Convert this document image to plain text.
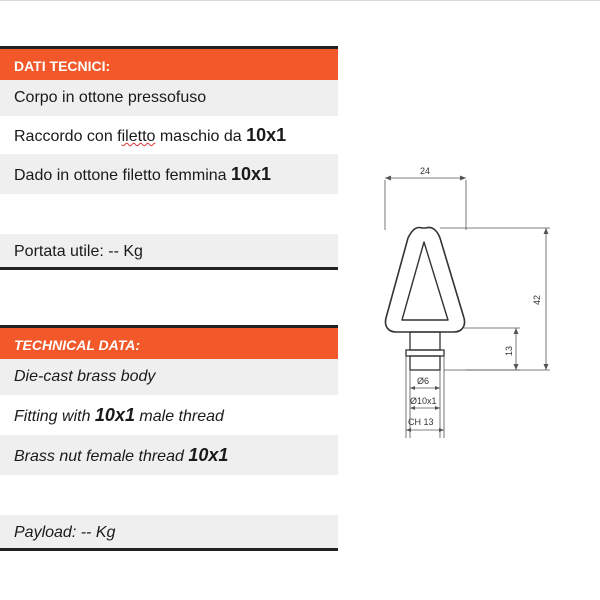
DATI TECNICI:
Corpo in ottone pressofuso
Raccordo con filetto maschio da 10x1
Dado in ottone filetto femmina 10x1
Portata utile: -- Kg
TECHNICAL DATA:
Die-cast brass body
Fitting with 10x1 male thread
Brass nut female thread 10x1
Payload: -- Kg
24
42
13
Ø6
Ø10x1
CH 13
